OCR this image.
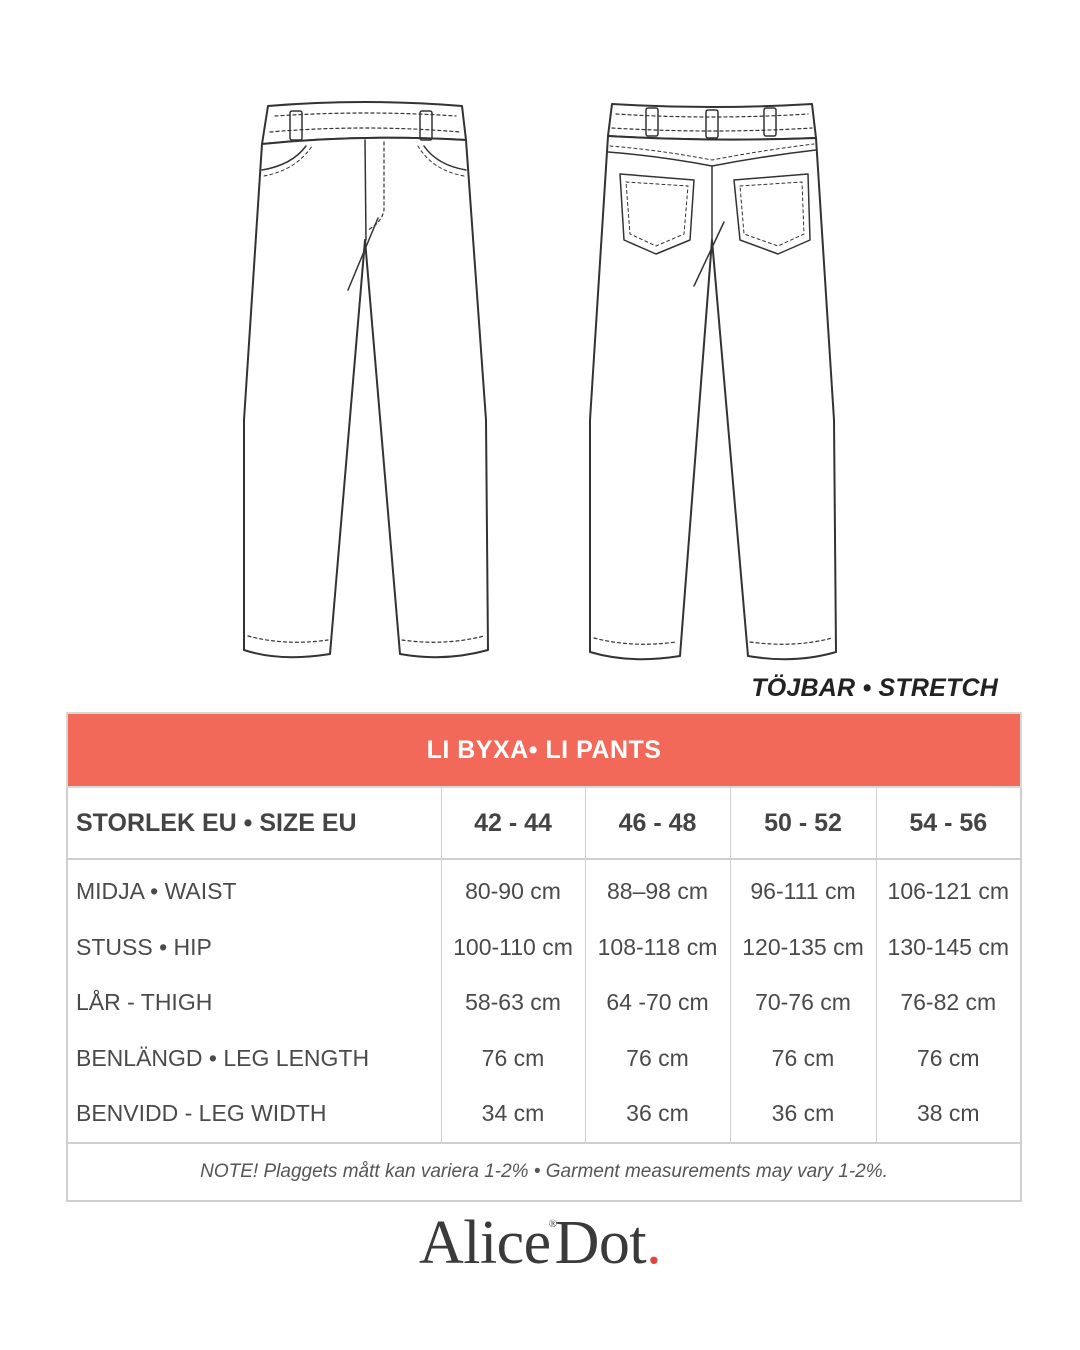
TÖJBAR • STRETCH
LI BYXA• LI PANTS				
STORLEK EU • SIZE EU	42 - 44	46 - 48	50 - 52	54 - 56
MIDJA • WAIST	80-90 cm	88–98 cm	96-111 cm	106-121 cm
STUSS • HIP	100-110 cm	108-118 cm	120-135 cm	130-145 cm
LÅR - THIGH	58-63 cm	64 -70 cm	70-76 cm	76-82 cm
BENLÄNGD • LEG LENGTH	76 cm	76 cm	76 cm	76 cm
BENVIDD - LEG WIDTH	34 cm	36 cm	36 cm	38 cm
NOTE! Plaggets mått kan variera 1-2% • Garment measurements may vary 1-2%.				
Alice®Dot.
